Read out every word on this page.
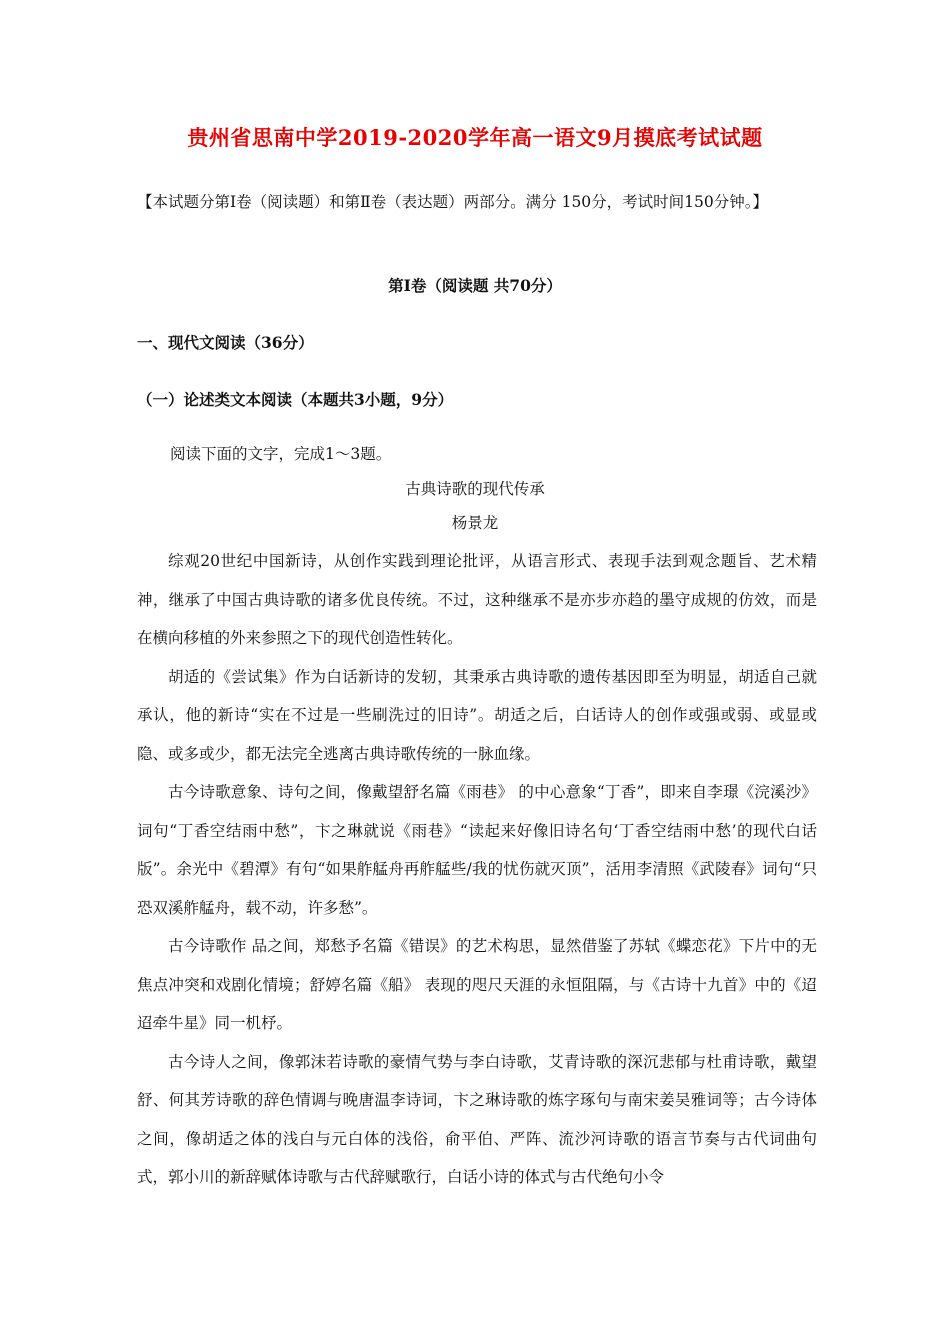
贵州省思南中学2019-2020学年高一语文9月摸底考试试题
【本试题分第Ⅰ卷（阅读题）和第Ⅱ卷（表达题）两部分。满分 150分，考试时间150分钟。】
第Ⅰ卷（阅读题 共70分）
一、现代文阅读（36分）
（一）论述类文本阅读（本题共3小题，9分）
阅读下面的文字，完成1～3题。
古典诗歌的现代传承
杨景龙

综观20世纪中国新诗，从创作实践到理论批评，从语言形式、表现手法到观念题旨、艺术精神，继承了中国古典诗歌的诸多优良传统。不过，这种继承不是亦步亦趋的墨守成规的仿效，而是在横向移植的外来参照之下的现代创造性转化。

胡适的《尝试集》作为白话新诗的发轫，其秉承古典诗歌的遗传基因即至为明显，胡适自己就承认，他的新诗“实在不过是一些刷洗过的旧诗”。胡适之后，白话诗人的创作或强或弱、或显或隐、或多或少，都无法完全逃离古典诗歌传统的一脉血缘。

古今诗歌意象、诗句之间，像戴望舒名篇《雨巷》 的中心意象“丁香”，即来自李璟《浣溪沙》词句“丁香空结雨中愁”，卞之琳就说《雨巷》“读起来好像旧诗名句‘丁香空结雨中愁’的现代白话版”。余光中《碧潭》有句“如果舴艋舟再舴艋些/我的忧伤就灭顶”，活用李清照《武陵春》词句“只恐双溪舴艋舟，载不动，许多愁”。

古今诗歌作 品之间，郑愁予名篇《错误》的艺术构思，显然借鉴了苏轼《蝶恋花》下片中的无焦点冲突和戏剧化情境；舒婷名篇《船》 表现的咫尺天涯的永恒阻隔，与《古诗十九首》中的《迢迢牵牛星》同一机杼。

古今诗人之间，像郭沫若诗歌的豪情气势与李白诗歌，艾青诗歌的深沉悲郁与杜甫诗歌，戴望舒、何其芳诗歌的辞色情调与晚唐温李诗词，卞之琳诗歌的炼字琢句与南宋姜吴雅词等；古今诗体之间，像胡适之体的浅白与元白体的浅俗，俞平伯、严阵、流沙河诗歌的语言节奏与古代词曲句式，郭小川的新辞赋体诗歌与古代辞赋歌行，白话小诗的体式与古代绝句小令
